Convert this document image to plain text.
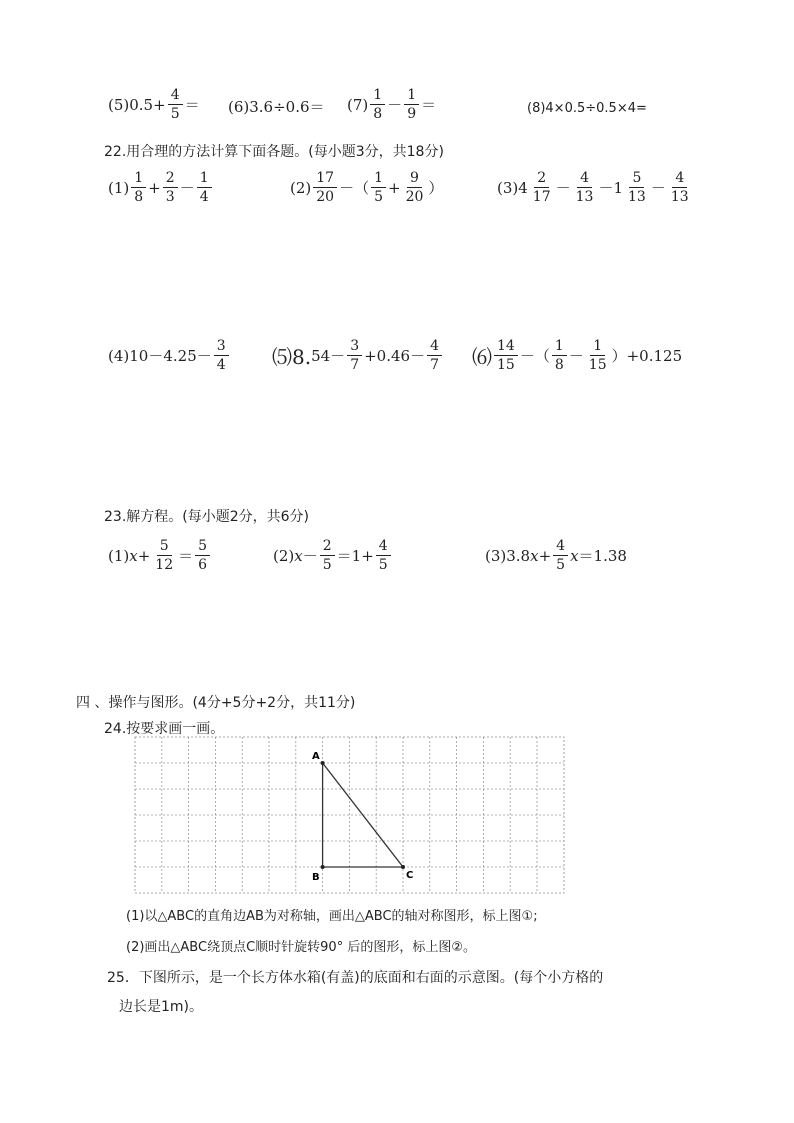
(5) $0.5+ \frac{4}{5} = (6)3.6\div 0.6= (7) \frac{1}{8} - \frac{1}{9}$ ＝	(8)4×0.5÷0.5×4=
22.用合理的方法计算下面各题。(每小题3分，共18分)
$(1) \frac{1}{8} + \frac{2}{3} - \frac{1}{4}$	$(2) \frac{17}{20}$ －（ $\frac{1}{5} + \frac{9}{20}$ ）	$(3)4 \frac{2}{17} - \frac{4}{13} -1 \frac{5}{13} - \frac{4}{13}$
$(4)10-4.25- \frac{3}{4}$ ⑸8. $54- \frac{3}{7} +0.46- \frac{4}{7}$ ⑹ $\frac{14}{15}$ －（ $\frac{1}{8} - \frac{1}{15} )+0.125$
23.解方程。(每小题2分，共6分)
(1) $x + \frac{5}{12} = \frac{5}{6}$	(2) $x - \frac{2}{5} =1+ \frac{4}{5}$	(3)3.8 $x + \frac{4}{5}$ x ＝1.38
四 、操作与图形。(4分+5分+2分，共11分)
24.按要求画一画。
A
B	C
(1)以△ABC的直角边AB为对称轴，画出△ABC的轴对称图形，标上图①;
(2)画出△ABC绕顶点C顺时针旋转90° 后的图形，标上图②。
25．下图所示，是一个长方体水箱(有盖)的底面和右面的示意图。(每个小方格的
边长是1m)。
